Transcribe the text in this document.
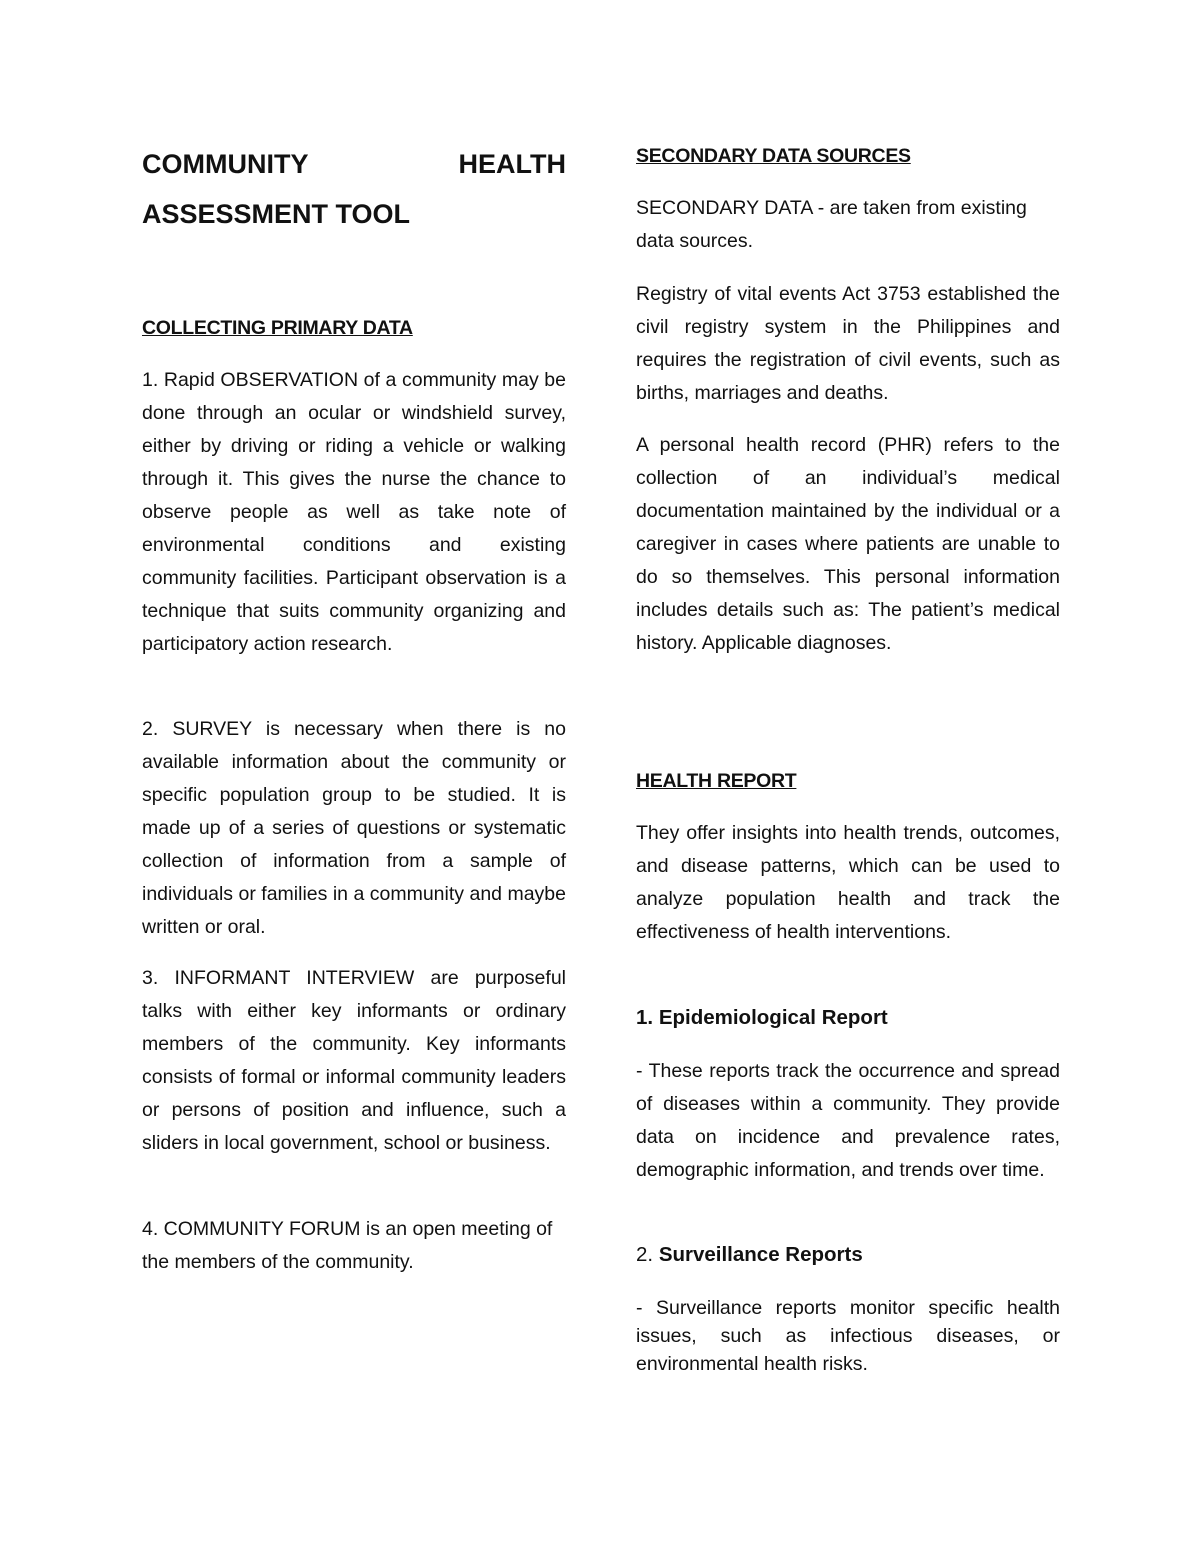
COMMUNITY HEALTH ASSESSMENT TOOL
COLLECTING PRIMARY DATA

1. Rapid OBSERVATION of a community may be done through an ocular or windshield survey, either by driving or riding a vehicle or walking through it. This gives the nurse the chance to observe people as well as take note of environmental conditions and existing community facilities. Participant observation is a technique that suits community organizing and participatory action research.

2. SURVEY is necessary when there is no available information about the community or specific population group to be studied. It is made up of a series of questions or systematic collection of information from a sample of individuals or families in a community and maybe written or oral.

3. INFORMANT INTERVIEW are purposeful talks with either key informants or ordinary members of the community. Key informants consists of formal or informal community leaders or persons of position and influence, such a sliders in local government, school or business.

4. COMMUNITY FORUM is an open meeting of the members of the community.

SECONDARY DATA SOURCES

SECONDARY DATA - are taken from existing data sources.

Registry of vital events Act 3753 established the civil registry system in the Philippines and requires the registration of civil events, such as births, marriages and deaths.

A personal health record (PHR) refers to the collection of an individual’s medical documentation maintained by the individual or a caregiver in cases where patients are unable to do so themselves. This personal information includes details such as: The patient’s medical history. Applicable diagnoses.

HEALTH REPORT

They offer insights into health trends, outcomes, and disease patterns, which can be used to analyze population health and track the effectiveness of health interventions.

1. Epidemiological Report

- These reports track the occurrence and spread of diseases within a community. They provide data on incidence and prevalence rates, demographic information, and trends over time.

2. Surveillance Reports

- Surveillance reports monitor specific health issues, such as infectious diseases, or environmental health risks.
